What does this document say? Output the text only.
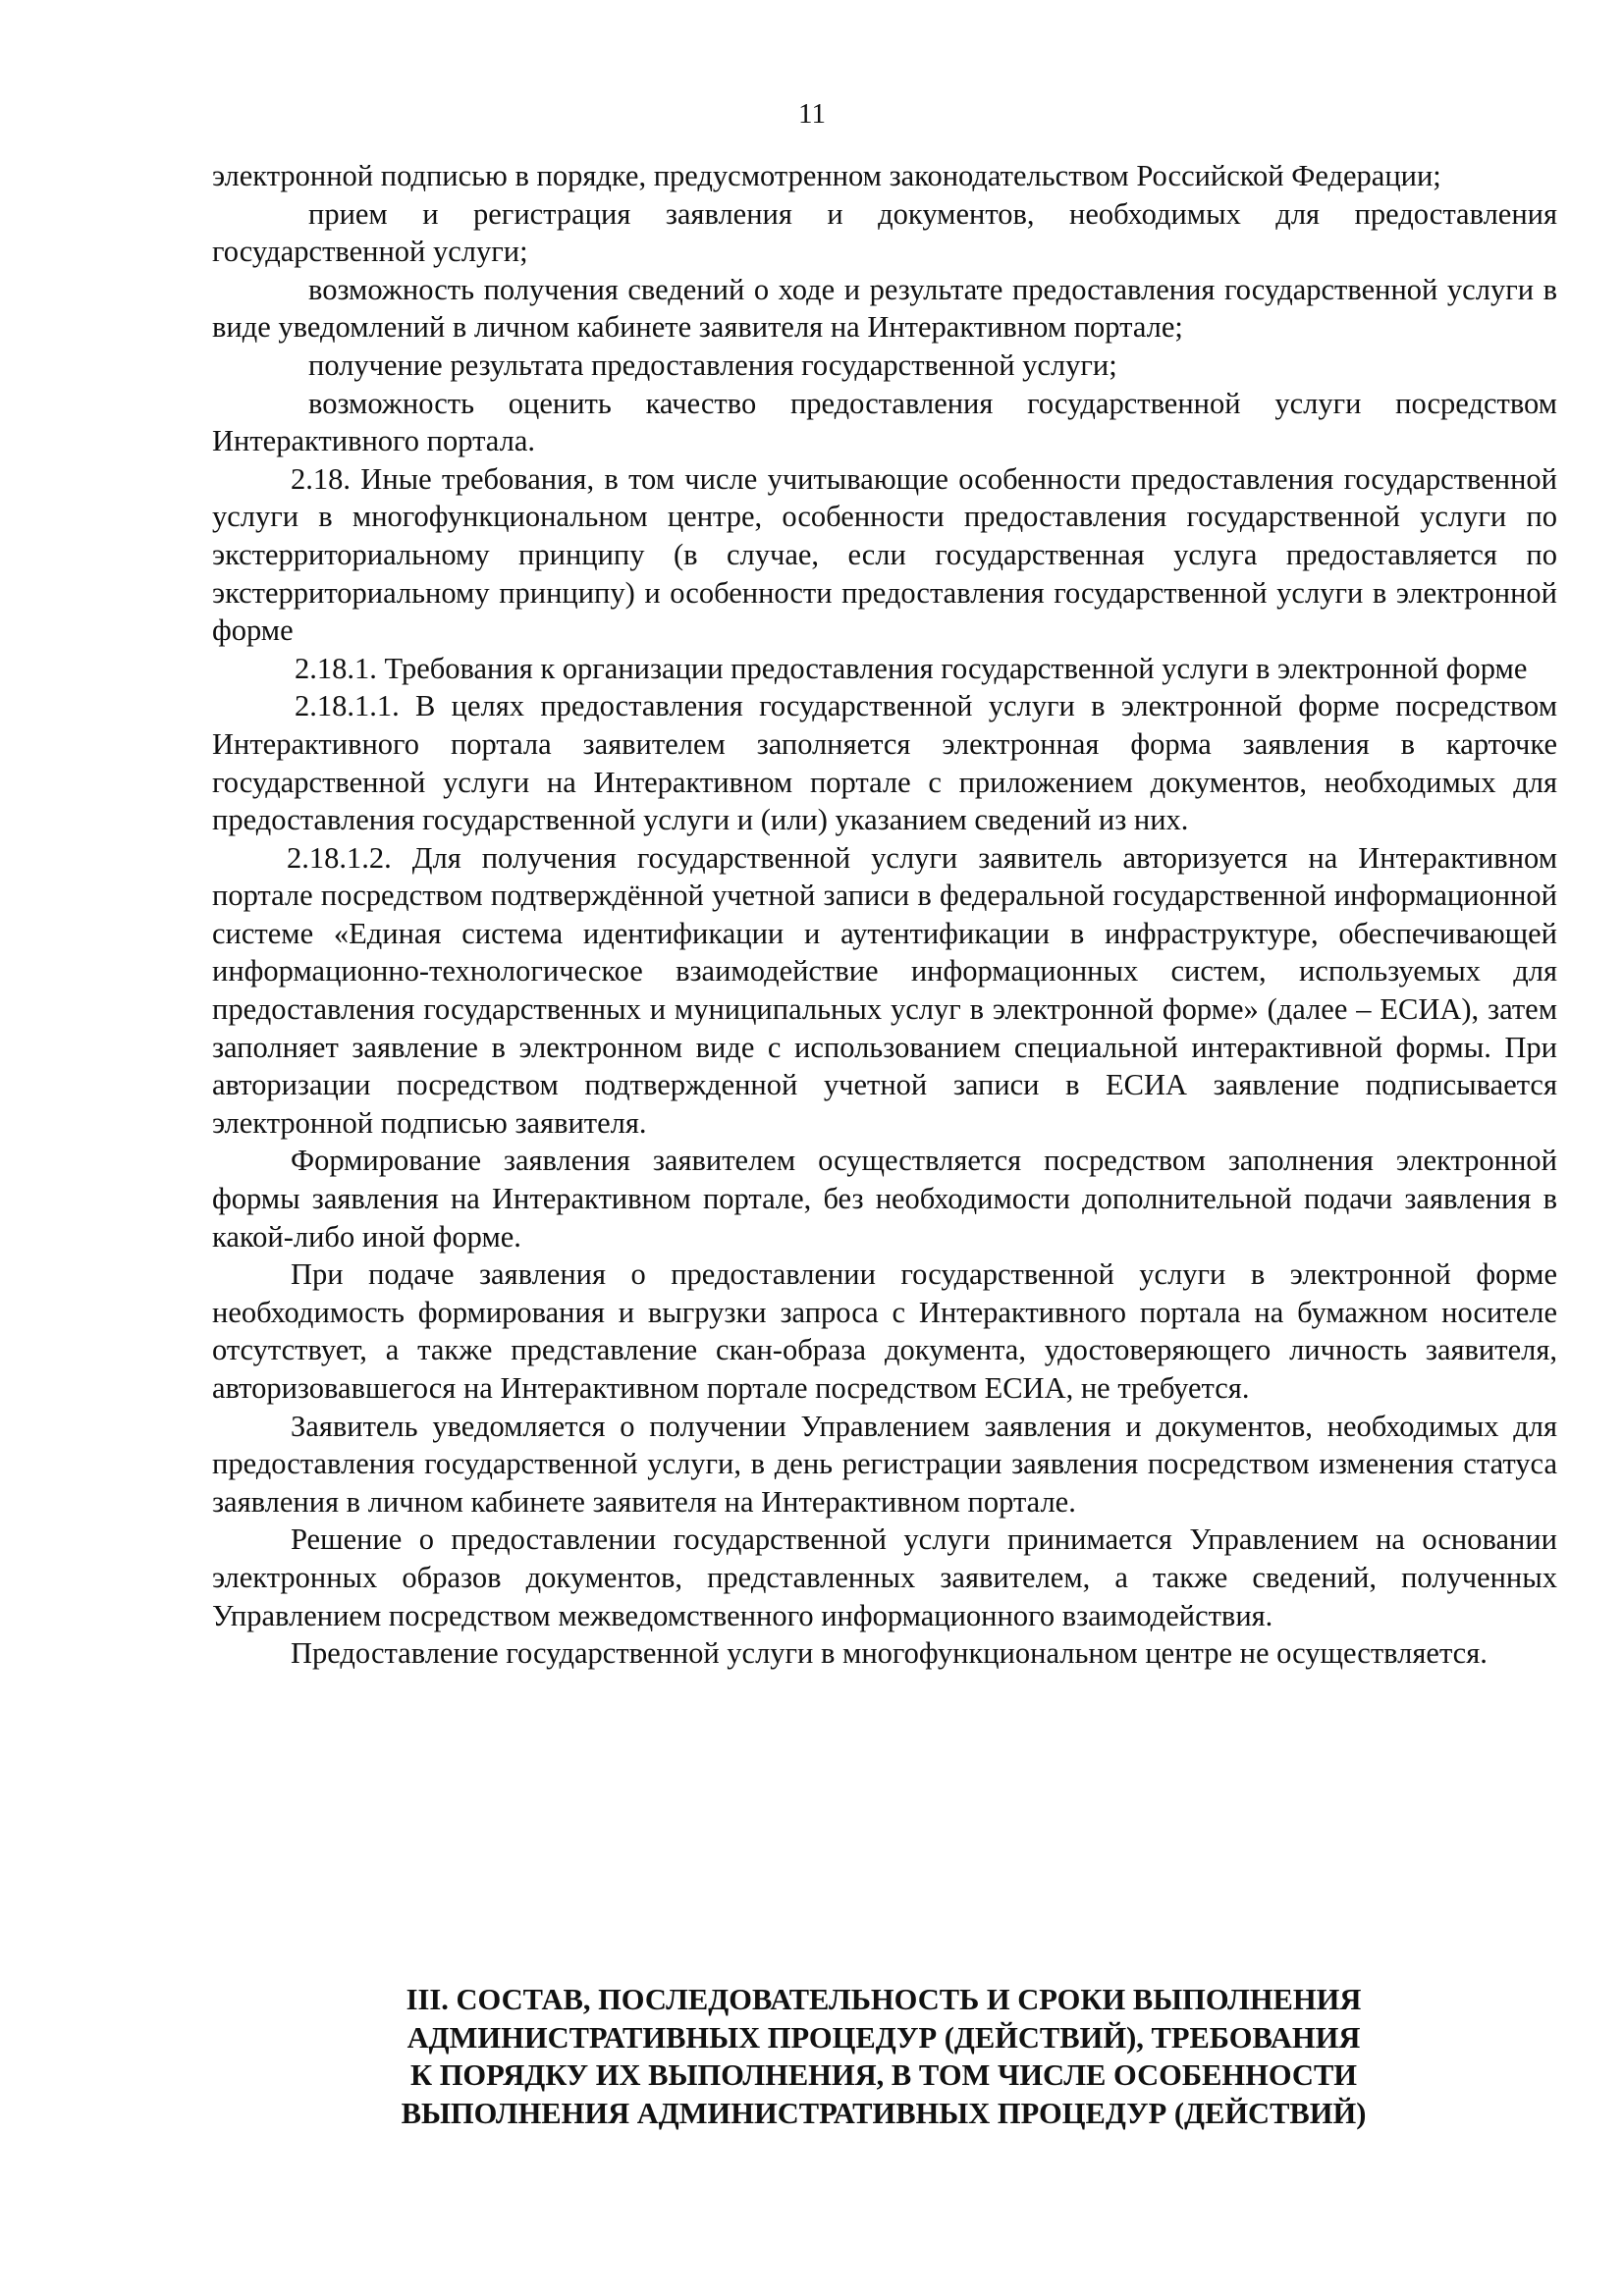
11

электронной подписью в порядке, предусмотренном законодательством Российской Федерации;

прием и регистрация заявления и документов, необходимых для предоставления государственной услуги;

возможность получения сведений о ходе и результате предоставления государственной услуги в виде уведомлений в личном кабинете заявителя на Интерактивном портале;

получение результата предоставления государственной услуги;

возможность оценить качество предоставления государственной услуги посредством Интерактивного портала.

2.18. Иные требования, в том числе учитывающие особенности предоставления государственной услуги в многофункциональном центре, особенности предоставления государственной услуги по экстерриториальному принципу (в случае, если государственная услуга предоставляется по экстерриториальному принципу) и особенности предоставления государственной услуги в электронной форме

2.18.1. Требования к организации предоставления государственной услуги в электронной форме

2.18.1.1. В целях предоставления государственной услуги в электронной форме посредством Интерактивного портала заявителем заполняется электронная форма заявления в карточке государственной услуги на Интерактивном портале с приложением документов, необходимых для предоставления государственной услуги и (или) указанием сведений из них.

2.18.1.2. Для получения государственной услуги заявитель авторизуется на Интерактивном портале посредством подтверждённой учетной записи в федеральной государственной информационной системе «Единая система идентификации и аутентификации в инфраструктуре, обеспечивающей информационно-технологическое взаимодействие информационных систем, используемых для предоставления государственных и муниципальных услуг в электронной форме» (далее – ЕСИА), затем заполняет заявление в электронном виде с использованием специальной интерактивной формы. При авторизации посредством подтвержденной учетной записи в ЕСИА заявление подписывается электронной подписью заявителя.

Формирование заявления заявителем осуществляется посредством заполнения электронной формы заявления на Интерактивном портале, без необходимости дополнительной подачи заявления в какой-либо иной форме.

При подаче заявления о предоставлении государственной услуги в электронной форме необходимость формирования и выгрузки запроса с Интерактивного портала на бумажном носителе отсутствует, а также представление скан-образа документа, удостоверяющего личность заявителя, авторизовавшегося на Интерактивном портале посредством ЕСИА, не требуется.

Заявитель уведомляется о получении Управлением заявления и документов, необходимых для предоставления государственной услуги, в день регистрации заявления посредством изменения статуса заявления в личном кабинете заявителя на Интерактивном портале.

Решение о предоставлении государственной услуги принимается Управлением на основании электронных образов документов, представленных заявителем, а также сведений, полученных Управлением посредством межведомственного информационного взаимодействия.

Предоставление государственной услуги в многофункциональном центре не осуществляется.

III. СОСТАВ, ПОСЛЕДОВАТЕЛЬНОСТЬ И СРОКИ ВЫПОЛНЕНИЯ
АДМИНИСТРАТИВНЫХ ПРОЦЕДУР (ДЕЙСТВИЙ), ТРЕБОВАНИЯ
К ПОРЯДКУ ИХ ВЫПОЛНЕНИЯ, В ТОМ ЧИСЛЕ ОСОБЕННОСТИ
ВЫПОЛНЕНИЯ АДМИНИСТРАТИВНЫХ ПРОЦЕДУР (ДЕЙСТВИЙ)
